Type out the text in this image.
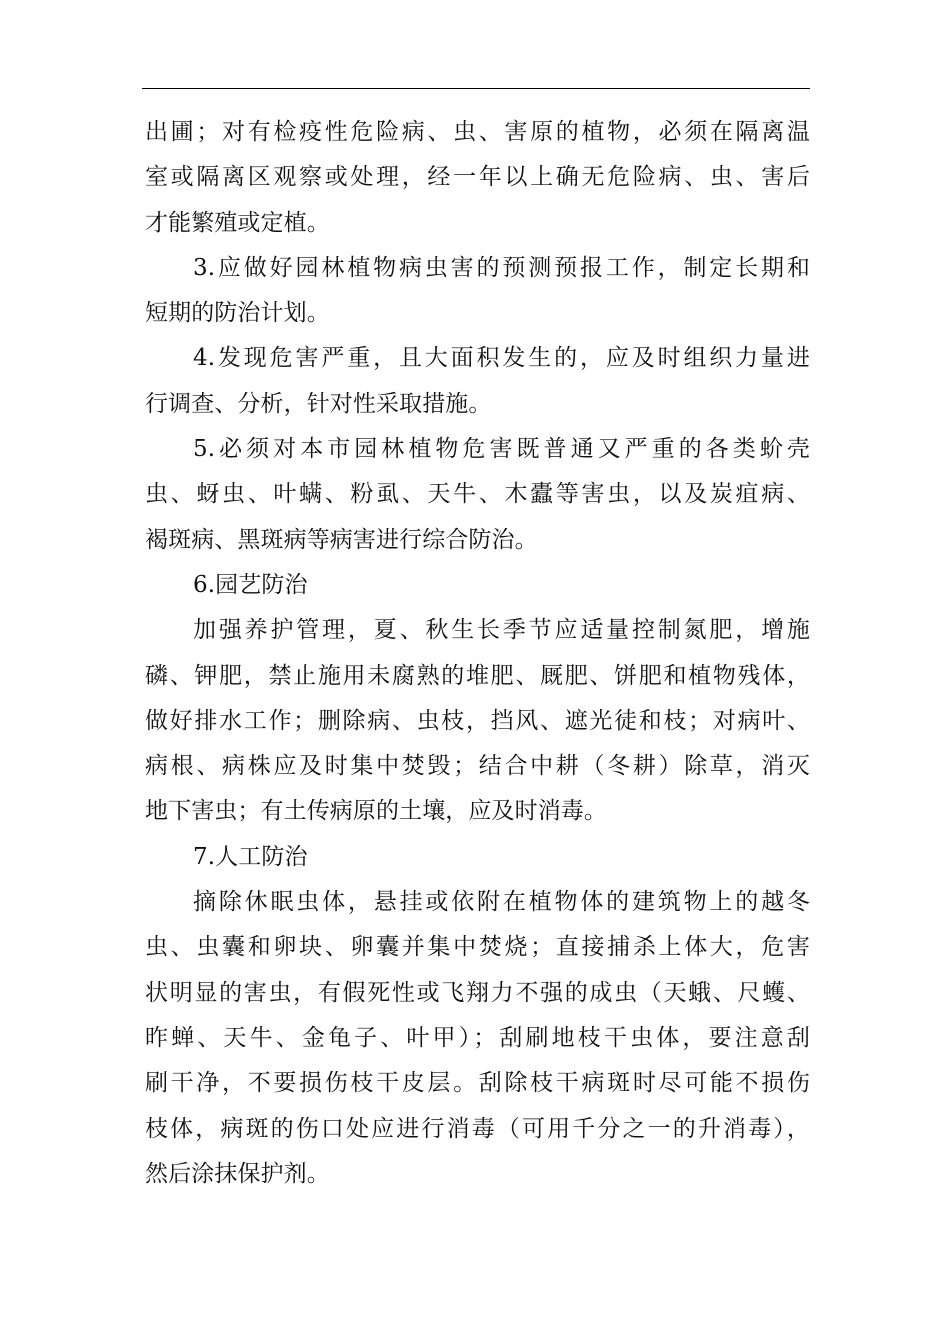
出圃；对有检疫性危险病、虫、害原的植物，必须在隔离温
室或隔离区观察或处理，经一年以上确无危险病、虫、害后
才能繁殖或定植。
3.应做好园林植物病虫害的预测预报工作，制定长期和
短期的防治计划。
4.发现危害严重，且大面积发生的，应及时组织力量进
行调查、分析，针对性采取措施。
5.必须对本市园林植物危害既普通又严重的各类蚧壳
虫、蚜虫、叶螨、粉虱、天牛、木蠹等害虫，以及炭疽病、
褐斑病、黑斑病等病害进行综合防治。
6.园艺防治
加强养护管理，夏、秋生长季节应适量控制氮肥，增施
磷、钾肥，禁止施用未腐熟的堆肥、厩肥、饼肥和植物残体，
做好排水工作；删除病、虫枝，挡风、遮光徒和枝；对病叶、
病根、病株应及时集中焚毁；结合中耕（冬耕）除草，消灭
地下害虫；有土传病原的土壤，应及时消毒。
7.人工防治
摘除休眠虫体，悬挂或依附在植物体的建筑物上的越冬
虫、虫囊和卵块、卵囊并集中焚烧；直接捕杀上体大，危害
状明显的害虫，有假死性或飞翔力不强的成虫（天蛾、尺蠖、
昨蝉、天牛、金龟子、叶甲）；刮刷地枝干虫体，要注意刮
刷干净，不要损伤枝干皮层。刮除枝干病斑时尽可能不损伤
枝体，病斑的伤口处应进行消毒（可用千分之一的升消毒），
然后涂抹保护剂。
